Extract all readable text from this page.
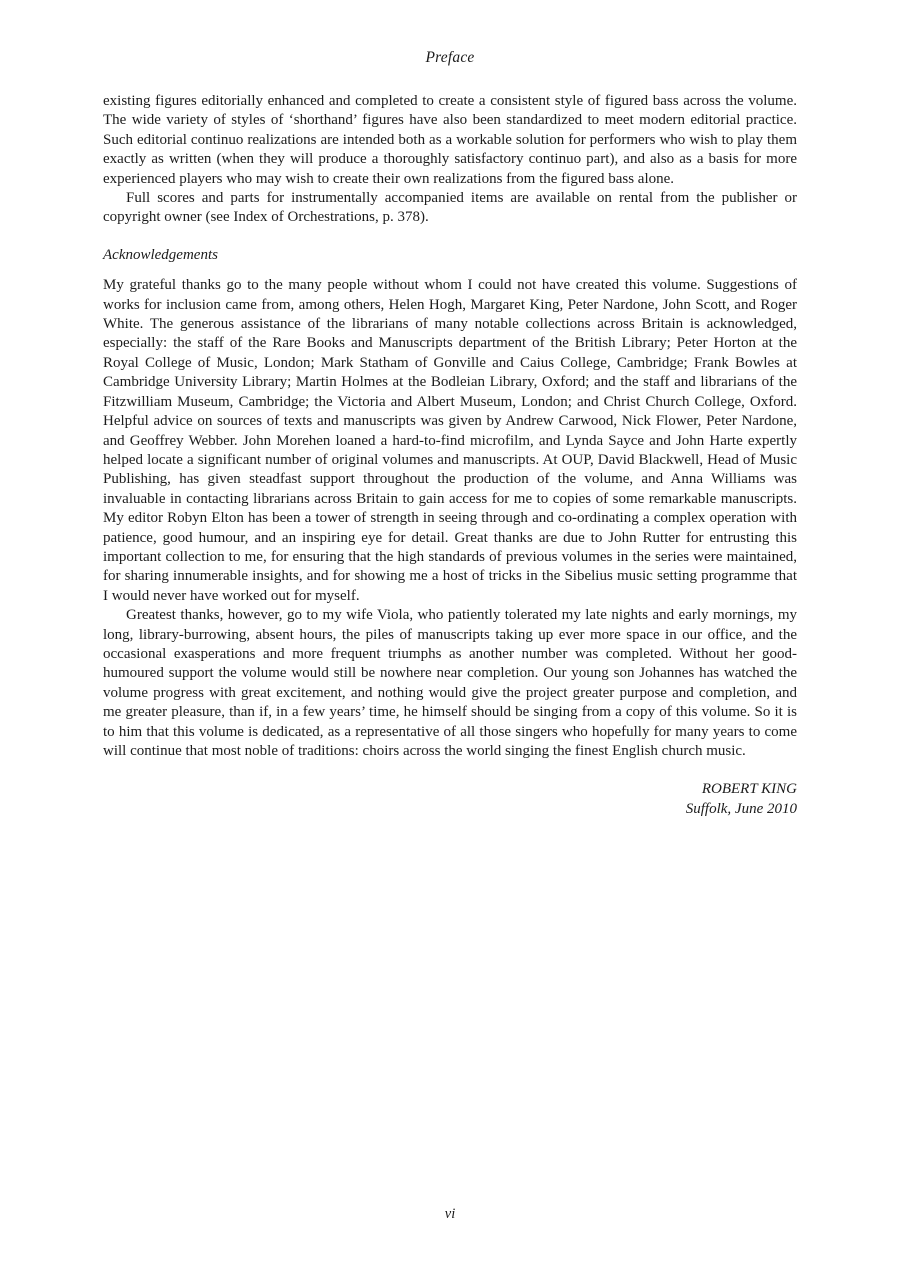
Preface

existing figures editorially enhanced and completed to create a consistent style of figured bass across the volume. The wide variety of styles of ‘shorthand’ figures have also been standardized to meet modern editorial practice. Such editorial continuo realizations are intended both as a workable solution for performers who wish to play them exactly as written (when they will produce a thoroughly satisfactory continuo part), and also as a basis for more experienced players who may wish to create their own realizations from the figured bass alone.

Full scores and parts for instrumentally accompanied items are available on rental from the publisher or copyright owner (see Index of Orchestrations, p. 378).

Acknowledgements

My grateful thanks go to the many people without whom I could not have created this volume. Suggestions of works for inclusion came from, among others, Helen Hogh, Margaret King, Peter Nardone, John Scott, and Roger White. The generous assistance of the librarians of many notable collections across Britain is acknowledged, especially: the staff of the Rare Books and Manuscripts department of the British Library; Peter Horton at the Royal College of Music, London; Mark Statham of Gonville and Caius College, Cambridge; Frank Bowles at Cambridge University Library; Martin Holmes at the Bodleian Library, Oxford; and the staff and librarians of the Fitzwilliam Museum, Cambridge; the Victoria and Albert Museum, London; and Christ Church College, Oxford. Helpful advice on sources of texts and manuscripts was given by Andrew Carwood, Nick Flower, Peter Nardone, and Geoffrey Webber. John Morehen loaned a hard-to-find microfilm, and Lynda Sayce and John Harte expertly helped locate a significant number of original volumes and manuscripts. At OUP, David Blackwell, Head of Music Publishing, has given steadfast support throughout the production of the volume, and Anna Williams was invaluable in contacting librarians across Britain to gain access for me to copies of some remarkable manuscripts. My editor Robyn Elton has been a tower of strength in seeing through and co-ordinating a complex operation with patience, good humour, and an inspiring eye for detail. Great thanks are due to John Rutter for entrusting this important collection to me, for ensuring that the high standards of previous volumes in the series were maintained, for sharing innumerable insights, and for showing me a host of tricks in the Sibelius music setting programme that I would never have worked out for myself.

Greatest thanks, however, go to my wife Viola, who patiently tolerated my late nights and early mornings, my long, library-burrowing, absent hours, the piles of manuscripts taking up ever more space in our office, and the occasional exasperations and more frequent triumphs as another number was completed. Without her good-humoured support the volume would still be nowhere near completion. Our young son Johannes has watched the volume progress with great excitement, and nothing would give the project greater purpose and completion, and me greater pleasure, than if, in a few years’ time, he himself should be singing from a copy of this volume. So it is to him that this volume is dedicated, as a representative of all those singers who hopefully for many years to come will continue that most noble of traditions: choirs across the world singing the finest English church music.

ROBERT KING
Suffolk, June 2010
vi
